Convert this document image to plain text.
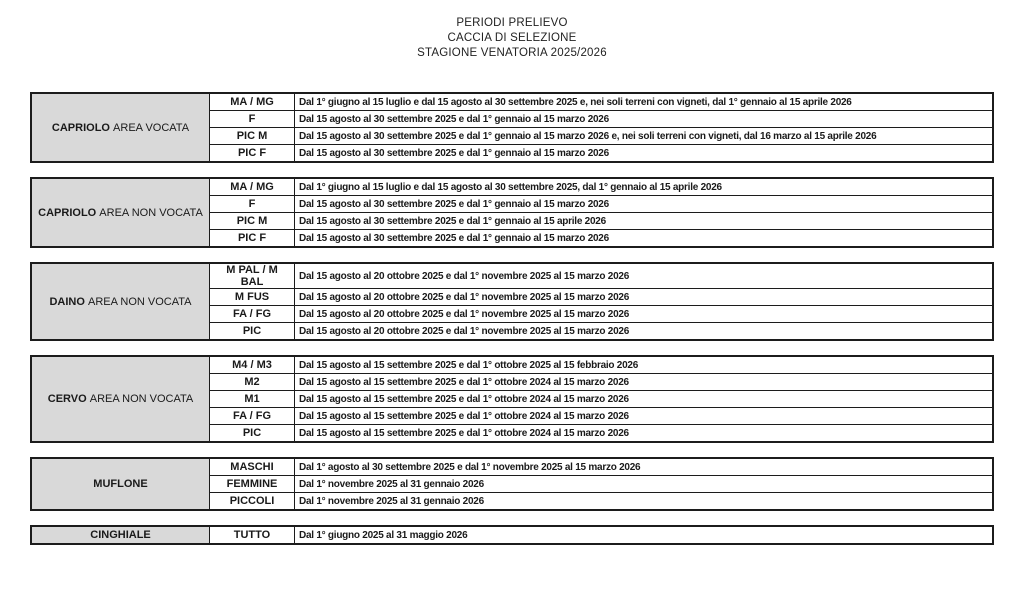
PERIODI PRELIEVO
CACCIA DI SELEZIONE
STAGIONE VENATORIA 2025/2026
CAPRIOLO AREA VOCATA	MA / MG	Dal 1° giugno al 15 luglio e dal 15 agosto al 30 settembre 2025 e, nei soli terreni con vigneti, dal 1° gennaio al 15 aprile 2026
	F	Dal 15 agosto al 30 settembre 2025 e dal 1° gennaio al 15 marzo 2026
	PIC M	Dal 15 agosto al 30 settembre 2025 e dal 1° gennaio al 15 marzo 2026 e, nei soli terreni con vigneti, dal 16 marzo al 15 aprile 2026
	PIC F	Dal 15 agosto al 30 settembre 2025 e dal 1° gennaio al 15 marzo 2026
CAPRIOLO AREA NON VOCATA	MA / MG	Dal 1° giugno al 15 luglio e dal 15 agosto al 30 settembre 2025, dal 1° gennaio al 15 aprile 2026
	F	Dal 15 agosto al 30 settembre 2025 e dal 1° gennaio al 15 marzo 2026
	PIC M	Dal 15 agosto al 30 settembre 2025 e dal 1° gennaio al 15 aprile 2026
	PIC F	Dal 15 agosto al 30 settembre 2025 e dal 1° gennaio al 15 marzo 2026
DAINO AREA NON VOCATA	M PAL / M BAL	Dal 15 agosto al 20 ottobre 2025 e dal 1° novembre 2025 al 15 marzo 2026
	M FUS	Dal 15 agosto al 20 ottobre 2025 e dal 1° novembre 2025 al 15 marzo 2026
	FA / FG	Dal 15 agosto al 20 ottobre 2025 e dal 1° novembre 2025 al 15 marzo 2026
	PIC	Dal 15 agosto al 20 ottobre 2025 e dal 1° novembre 2025 al 15 marzo 2026
CERVO AREA NON VOCATA	M4 / M3	Dal 15 agosto al 15 settembre 2025 e dal 1° ottobre 2025 al 15 febbraio 2026
	M2	Dal 15 agosto al 15 settembre 2025 e dal 1° ottobre 2024 al 15 marzo 2026
	M1	Dal 15 agosto al 15 settembre 2025 e dal 1° ottobre 2024 al 15 marzo 2026
	FA / FG	Dal 15 agosto al 15 settembre 2025 e dal 1° ottobre 2024 al 15 marzo 2026
	PIC	Dal 15 agosto al 15 settembre 2025 e dal 1° ottobre 2024 al 15 marzo 2026
MUFLONE	MASCHI	Dal 1° agosto al 30 settembre 2025 e dal 1° novembre 2025 al 15 marzo 2026
	FEMMINE	Dal 1° novembre 2025 al 31 gennaio 2026
	PICCOLI	Dal 1° novembre 2025 al 31 gennaio 2026
CINGHIALE	TUTTO	Dal 1° giugno 2025 al 31 maggio 2026
